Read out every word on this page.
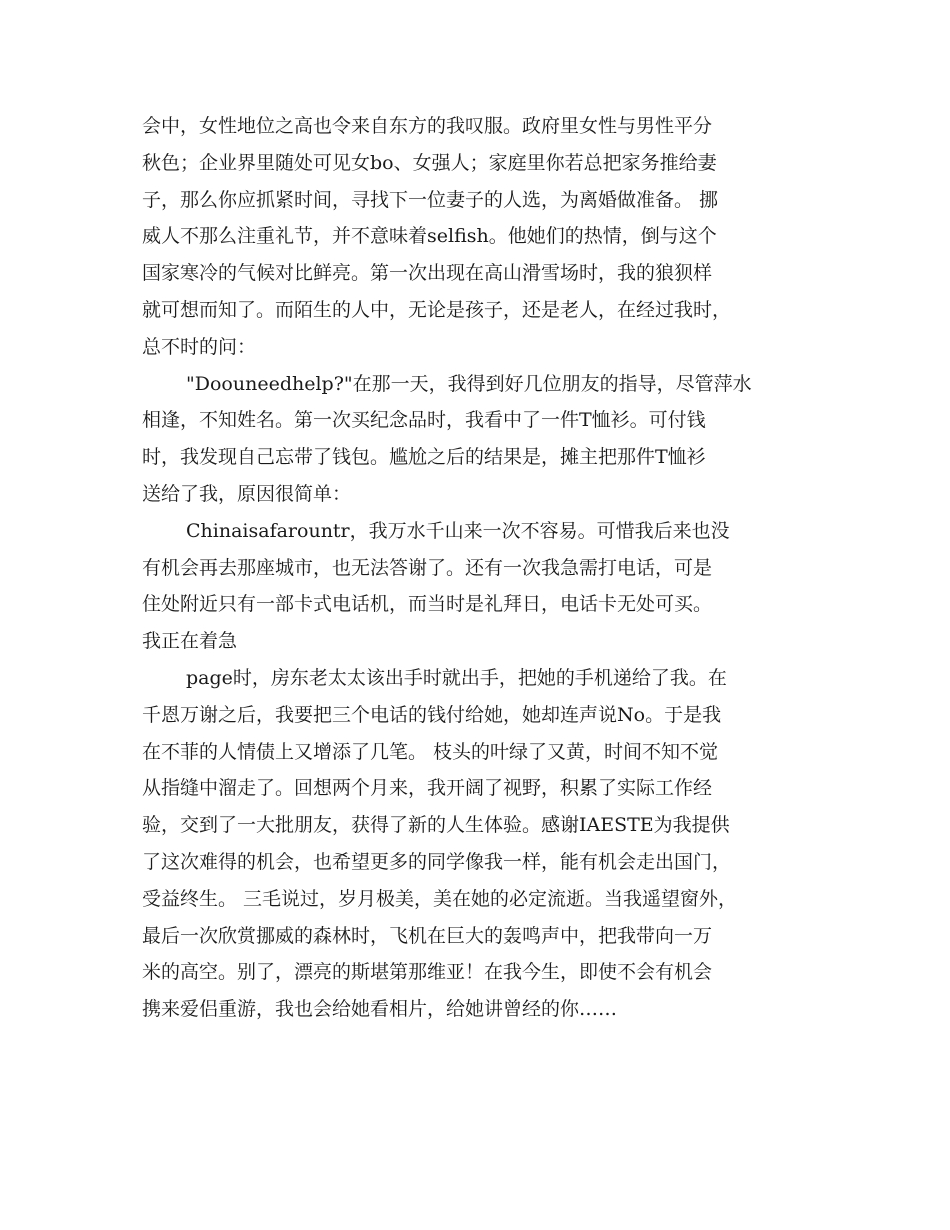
会中，女性地位之高也令来自东方的我叹服。政府里女性与男性平分
秋色；企业界里随处可见女bo、女强人；家庭里你若总把家务推给妻
子，那么你应抓紧时间，寻找下一位妻子的人选，为离婚做准备。 挪
威人不那么注重礼节，并不意味着selfish。他她们的热情，倒与这个
国家寒冷的气候对比鲜亮。第一次出现在高山滑雪场时，我的狼狈样
就可想而知了。而陌生的人中，无论是孩子，还是老人，在经过我时，
总不时的问：
"Doouneedhelp?"在那一天，我得到好几位朋友的指导，尽管萍水
相逢，不知姓名。第一次买纪念品时，我看中了一件T恤衫。可付钱
时，我发现自己忘带了钱包。尴尬之后的结果是，摊主把那件T恤衫
送给了我，原因很简单：
Chinaisafarountr，我万水千山来一次不容易。可惜我后来也没
有机会再去那座城市，也无法答谢了。还有一次我急需打电话，可是
住处附近只有一部卡式电话机，而当时是礼拜日，电话卡无处可买。
我正在着急
page时，房东老太太该出手时就出手，把她的手机递给了我。在
千恩万谢之后，我要把三个电话的钱付给她，她却连声说No。于是我
在不菲的人情债上又增添了几笔。 枝头的叶绿了又黄，时间不知不觉
从指缝中溜走了。回想两个月来，我开阔了视野，积累了实际工作经
验，交到了一大批朋友，获得了新的人生体验。感谢IAESTE为我提供
了这次难得的机会，也希望更多的同学像我一样，能有机会走出国门，
受益终生。 三毛说过，岁月极美，美在她的必定流逝。当我遥望窗外，
最后一次欣赏挪威的森林时，飞机在巨大的轰鸣声中，把我带向一万
米的高空。别了，漂亮的斯堪第那维亚！在我今生，即使不会有机会
携来爱侣重游，我也会给她看相片，给她讲曾经的你……
